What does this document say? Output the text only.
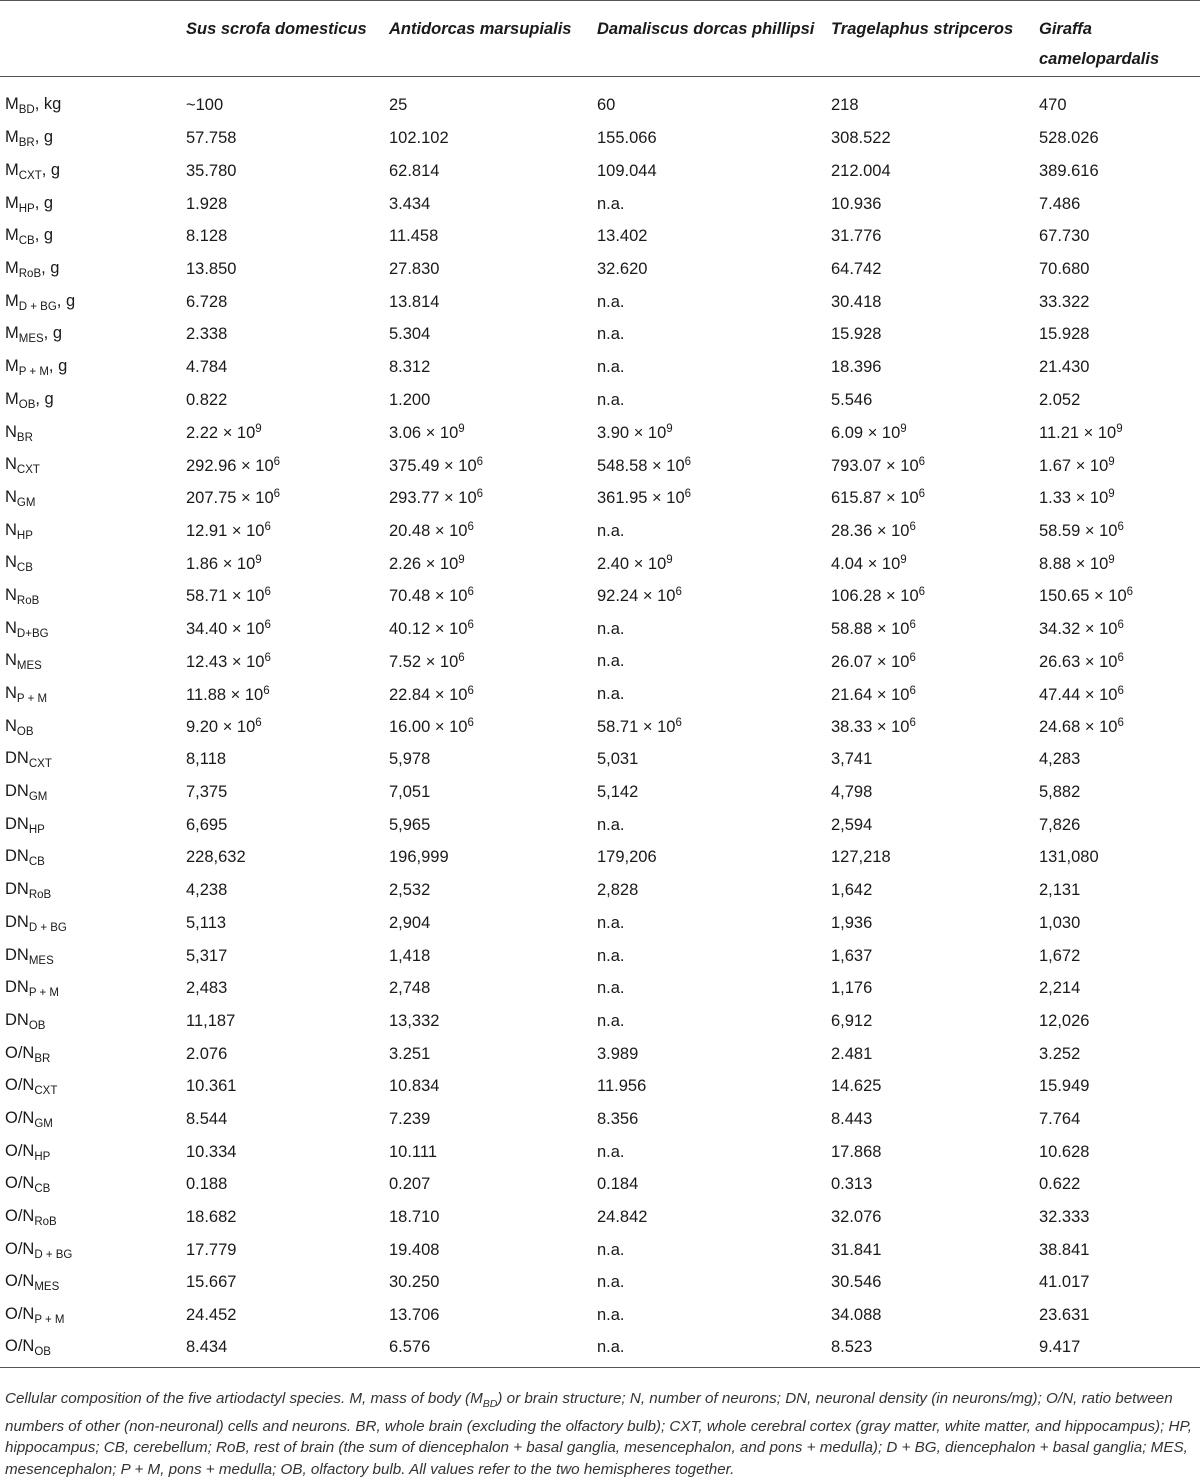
	Sus scrofa domesticus	Antidorcas marsupialis	Damaliscus dorcas phillipsi	Tragelaphus stripceros	Giraffa camelopardalis
$M_{BD}$, kg	~100	25	60	218	470
$M_{BR}$, g	57.758	102.102	155.066	308.522	528.026
$M_{CXT}$, g	35.780	62.814	109.044	212.004	389.616
$M_{HP}$, g	1.928	3.434	n.a.	10.936	7.486
$M_{CB}$, g	8.128	11.458	13.402	31.776	67.730
$M_{RoB}$, g	13.850	27.830	32.620	64.742	70.680
$M_{D + BG}$, g	6.728	13.814	n.a.	30.418	33.322
$M_{MES}$, g	2.338	5.304	n.a.	15.928	15.928
$M_{P + M}$, g	4.784	8.312	n.a.	18.396	21.430
$M_{OB}$, g	0.822	1.200	n.a.	5.546	2.052
$N_{BR}$	$2.22 \times 10^9$	$3.06 \times 10^9$	$3.90 \times 10^9$	$6.09 \times 10^9$	$11.21 \times 10^9$
$N_{CXT}$	$292.96 \times 10^6$	$375.49 \times 10^6$	$548.58 \times 10^6$	$793.07 \times 10^6$	$1.67 \times 10^9$
$N_{GM}$	$207.75 \times 10^6$	$293.77 \times 10^6$	$361.95 \times 10^6$	$615.87 \times 10^6$	$1.33 \times 10^9$
$N_{HP}$	$12.91 \times 10^6$	$20.48 \times 10^6$	n.a.	$28.36 \times 10^6$	$58.59 \times 10^6$
$N_{CB}$	$1.86 \times 10^9$	$2.26 \times 10^9$	$2.40 \times 10^9$	$4.04 \times 10^9$	$8.88 \times 10^9$
$N_{RoB}$	$58.71 \times 10^6$	$70.48 \times 10^6$	$92.24 \times 10^6$	$106.28 \times 10^6$	$150.65 \times 10^6$
$N_{D+BG}$	$34.40 \times 10^6$	$40.12 \times 10^6$	n.a.	$58.88 \times 10^6$	$34.32 \times 10^6$
$N_{MES}$	$12.43 \times 10^6$	$7.52 \times 10^6$	n.a.	$26.07 \times 10^6$	$26.63 \times 10^6$
$N_{P + M}$	$11.88 \times 10^6$	$22.84 \times 10^6$	n.a.	$21.64 \times 10^6$	$47.44 \times 10^6$
$N_{OB}$	$9.20 \times 10^6$	$16.00 \times 10^6$	$58.71 \times 10^6$	$38.33 \times 10^6$	$24.68 \times 10^6$
$DN_{CXT}$	8,118	5,978	5,031	3,741	4,283
$DN_{GM}$	7,375	7,051	5,142	4,798	5,882
$DN_{HP}$	6,695	5,965	n.a.	2,594	7,826
$DN_{CB}$	228,632	196,999	179,206	127,218	131,080
$DN_{RoB}$	4,238	2,532	2,828	1,642	2,131
$DN_{D + BG}$	5,113	2,904	n.a.	1,936	1,030
$DN_{MES}$	5,317	1,418	n.a.	1,637	1,672
$DN_{P + M}$	2,483	2,748	n.a.	1,176	2,214
$DN_{OB}$	11,187	13,332	n.a.	6,912	12,026
$O/N_{BR}$	2.076	3.251	3.989	2.481	3.252
$O/N_{CXT}$	10.361	10.834	11.956	14.625	15.949
$O/N_{GM}$	8.544	7.239	8.356	8.443	7.764
$O/N_{HP}$	10.334	10.111	n.a.	17.868	10.628
$O/N_{CB}$	0.188	0.207	0.184	0.313	0.622
$O/N_{RoB}$	18.682	18.710	24.842	32.076	32.333
$O/N_{D + BG}$	17.779	19.408	n.a.	31.841	38.841
$O/N_{MES}$	15.667	30.250	n.a.	30.546	41.017
$O/N_{P + M}$	24.452	13.706	n.a.	34.088	23.631
$O/N_{OB}$	8.434	6.576	n.a.	8.523	9.417
Cellular composition of the five artiodactyl species. M, mass of body $(M_{BD})$ or brain structure; N, number of neurons; DN, neuronal density (in neurons/mg); O/N, ratio between numbers of other (non-neuronal) cells and neurons. BR, whole brain (excluding the olfactory bulb); CXT, whole cerebral cortex (gray matter, white matter, and hippocampus); HP, hippocampus; CB, cerebellum; RoB, rest of brain (the sum of diencephalon + basal ganglia, mesencephalon, and pons + medulla); D + BG, diencephalon + basal ganglia; MES, mesencephalon; P + M, pons + medulla; OB, olfactory bulb. All values refer to the two hemispheres together.
